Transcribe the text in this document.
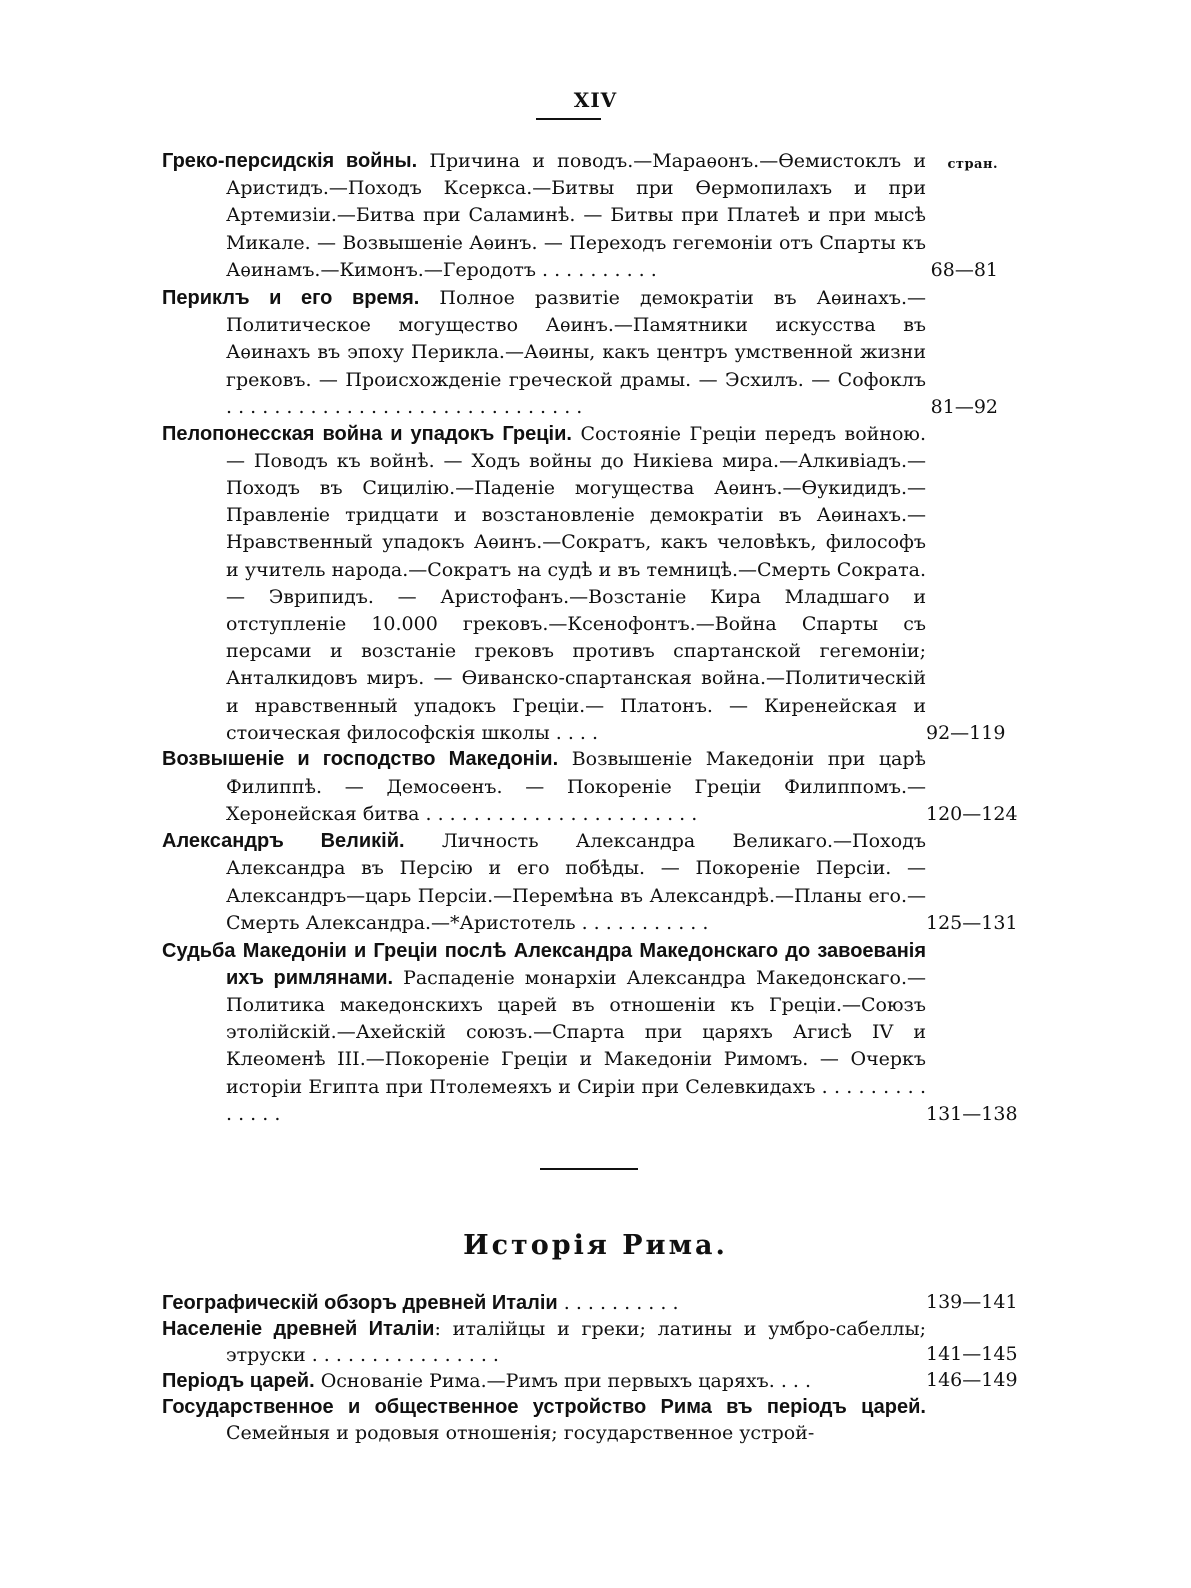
XIV
стран.
Греко-персидскія войны. Причина и поводъ.—Мараѳонъ.—Ѳемистоклъ и Аристидъ.—Походъ Ксеркса.—Битвы при Ѳермопилахъ и при Артемизіи.—Битва при Саламинѣ. — Битвы при Платеѣ и при мысѣ Микале. — Возвышеніе Аѳинъ. — Переходъ гегемоніи отъ Спарты къ Аѳинамъ.—Кимонъ.—Геродотъ . . . . . . . . . .	68—81
Периклъ и его время. Полное развитіе демократіи въ Аѳинахъ.—Политическое могущество Аѳинъ.—Памятники искусства въ Аѳинахъ въ эпоху Перикла.—Аѳины, какъ центръ умственной жизни грековъ. — Происхожденіе греческой драмы. — Эсхилъ. — Софоклъ . . . . . . . . . . . . . . . . . . . . . . . . . . . . . .	81—92
Пелопонесская война и упадокъ Греціи. Состояніе Греціи передъ войною. — Поводъ къ войнѣ. — Ходъ войны до Никіева мира.—Алкивіадъ.—Походъ въ Сицилію.—Паденіе могущества Аѳинъ.—Ѳукидидъ.—Правленіе тридцати и возстановленіе демократіи въ Аѳинахъ.—Нравственный упадокъ Аѳинъ.—Сократъ, какъ человѣкъ, философъ и учитель народа.—Сократъ на судѣ и въ темницѣ.—Смерть Сократа. — Эврипидъ. — Аристофанъ.—Возстаніе Кира Младшаго и отступленіе 10.000 грековъ.—Ксенофонтъ.—Война Спарты съ персами и возстаніе грековъ противъ спартанской гегемоніи; Анталкидовъ миръ. — Ѳиванско-спартанская война.—Политическій и нравственный упадокъ Греціи.— Платонъ. — Киренейская и стоическая философскія школы . . . .	92—119
Возвышеніе и господство Македоніи. Возвышеніе Македоніи при царѣ Филиппѣ. — Демосѳенъ. — Покореніе Греціи Филиппомъ.—Херонейская битва . . . . . . . . . . . . . . . . . . . . . . .	120—124
Александръ Великій. Личность Александра Великаго.—Походъ Александра въ Персію и его побѣды. — Покореніе Персіи. — Александръ—царь Персіи.—Перемѣна въ Александрѣ.—Планы его.—Смерть Александра.—*Аристотель . . . . . . . . . . .	125—131
Судьба Македоніи и Греціи послѣ Александра Македонскаго до завоеванія ихъ римлянами. Распаденіе монархіи Александра Македонскаго.—Политика македонскихъ царей въ отношеніи къ Греціи.—Союзъ этолійскій.—Ахейскій союзъ.—Спарта при царяхъ Агисѣ IV и Клеоменѣ III.—Покореніе Греціи и Македоніи Римомъ. — Очеркъ исторіи Египта при Птолемеяхъ и Сиріи при Селевкидахъ . . . . . . . . . . . . . .	131—138
Исторія Рима.
Географическій обзоръ древней Италіи . . . . . . . . . .	139—141
Населеніе древней Италіи: италійцы и греки; латины и умбро-сабеллы; этруски . . . . . . . . . . . . . . . .	141—145
Періодъ царей. Основаніе Рима.—Римъ при первыхъ царяхъ. . . .	146—149
Государственное и общественное устройство Рима въ періодъ царей. Семейныя и родовыя отношенія; государственное устрой-
